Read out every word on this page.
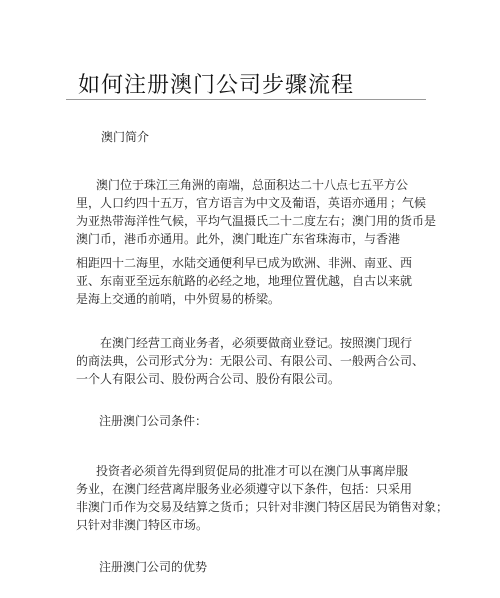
如何注册澳门公司步骤流程
澳门简介
澳门位于珠江三角洲的南端，总面积达二十八点七五平方公
里，人口约四十五万，官方语言为中文及葡语，英语亦通用 ；气候
为亚热带海洋性气候，平均气温摄氏二十二度左右；澳门用的货币是
澳门币，港币亦通用。此外，澳门毗连广东省珠海市，与香港
相距四十二海里，水陆交通便利早已成为欧洲、非洲、南亚、西
亚、东南亚至远东航路的必经之地，地理位置优越，自古以来就
是海上交通的前哨，中外贸易的桥梁。
在澳门经营工商业务者，必须要做商业登记。按照澳门现行
的商法典，公司形式分为：无限公司、有限公司、一般两合公司、
一个人有限公司、股份两合公司、股份有限公司。
注册澳门公司条件：
投资者必须首先得到贸促局的批准才可以在澳门从事离岸服
务业，在澳门经营离岸服务业必须遵守以下条件，包括：只采用
非澳门币作为交易及结算之货币；只针对非澳门特区居民为销售对象；
只针对非澳门特区市场。
注册澳门公司的优势
